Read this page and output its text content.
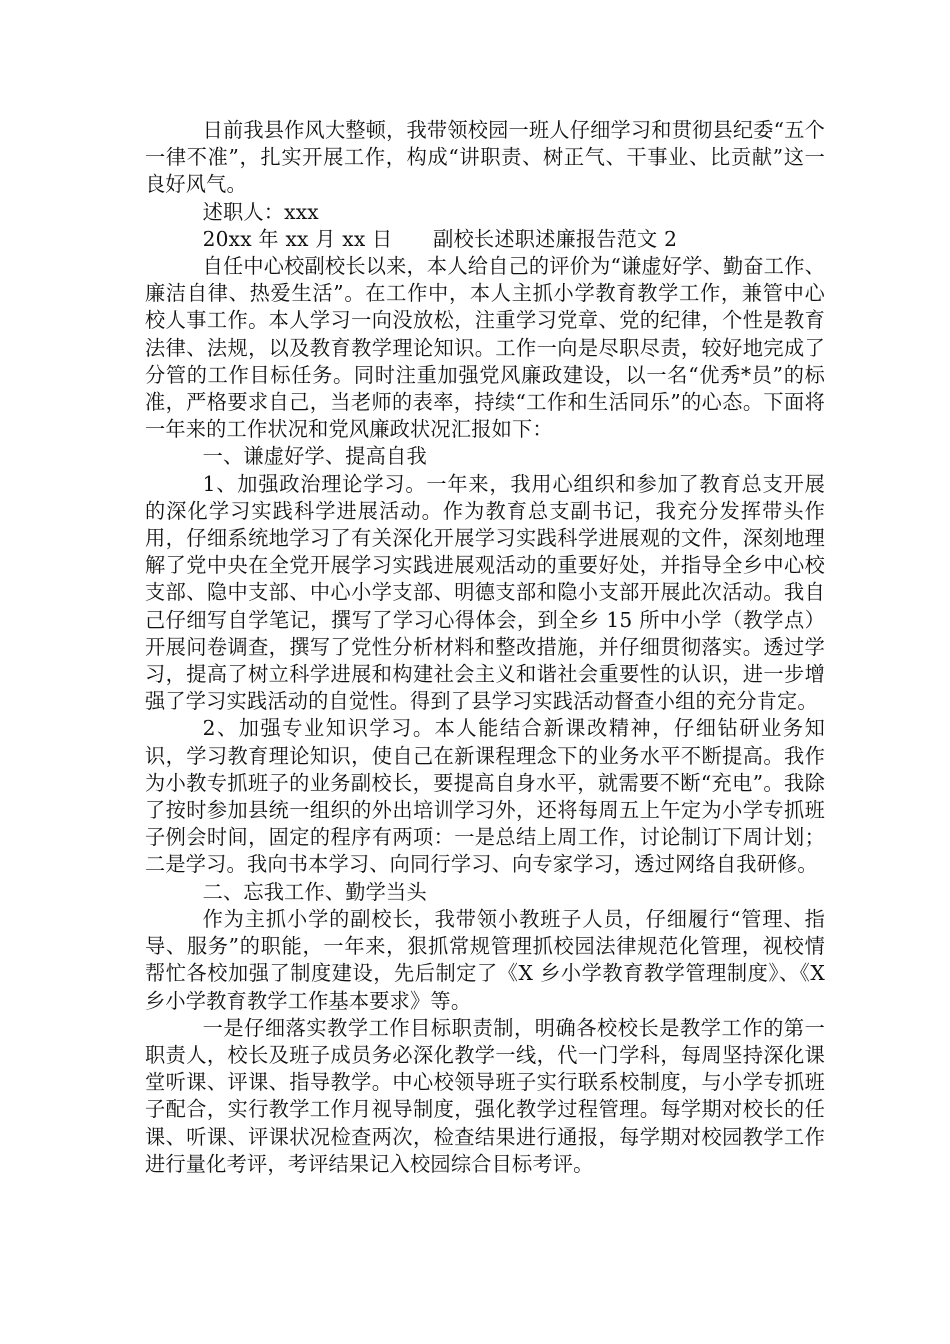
日前我县作风大整顿，我带领校园一班人仔细学习和贯彻县纪委“五个一律不准”，扎实开展工作，构成“讲职责、树正气、干事业、比贡献”这一良好风气。

述职人：xxx

20xx 年 xx 月 xx 日　　副校长述职述廉报告范文 2

自任中心校副校长以来，本人给自己的评价为“谦虚好学、勤奋工作、廉洁自律、热爱生活”。在工作中，本人主抓小学教育教学工作，兼管中心校人事工作。本人学习一向没放松，注重学习党章、党的纪律，个性是教育法律、法规，以及教育教学理论知识。工作一向是尽职尽责，较好地完成了分管的工作目标任务。同时注重加强党风廉政建设，以一名“优秀*员”的标准，严格要求自己，当老师的表率，持续“工作和生活同乐”的心态。下面将一年来的工作状况和党风廉政状况汇报如下：

一、谦虚好学、提高自我

1、加强政治理论学习。一年来，我用心组织和参加了教育总支开展的深化学习实践科学进展活动。作为教育总支副书记，我充分发挥带头作用，仔细系统地学习了有关深化开展学习实践科学进展观的文件，深刻地理解了党中央在全党开展学习实践进展观活动的重要好处，并指导全乡中心校支部、隐中支部、中心小学支部、明德支部和隐小支部开展此次活动。我自己仔细写自学笔记，撰写了学习心得体会，到全乡 15 所中小学（教学点）开展问卷调查，撰写了党性分析材料和整改措施，并仔细贯彻落实。透过学习，提高了树立科学进展和构建社会主义和谐社会重要性的认识，进一步增强了学习实践活动的自觉性。得到了县学习实践活动督查小组的充分肯定。

2、加强专业知识学习。本人能结合新课改精神，仔细钻研业务知识，学习教育理论知识，使自己在新课程理念下的业务水平不断提高。我作为小教专抓班子的业务副校长，要提高自身水平，就需要不断“充电”。我除了按时参加县统一组织的外出培训学习外，还将每周五上午定为小学专抓班子例会时间，固定的程序有两项：一是总结上周工作，讨论制订下周计划；二是学习。我向书本学习、向同行学习、向专家学习，透过网络自我研修。

二、忘我工作、勤学当头

作为主抓小学的副校长，我带领小教班子人员，仔细履行“管理、指导、服务”的职能，一年来，狠抓常规管理抓校园法律规范化管理，视校情帮忙各校加强了制度建设，先后制定了《X 乡小学教育教学管理制度》、《X 乡小学教育教学工作基本要求》等。

一是仔细落实教学工作目标职责制，明确各校校长是教学工作的第一职责人，校长及班子成员务必深化教学一线，代一门学科，每周坚持深化课堂听课、评课、指导教学。中心校领导班子实行联系校制度，与小学专抓班子配合，实行教学工作月视导制度，强化教学过程管理。每学期对校长的任课、听课、评课状况检查两次，检查结果进行通报，每学期对校园教学工作进行量化考评，考评结果记入校园综合目标考评。
